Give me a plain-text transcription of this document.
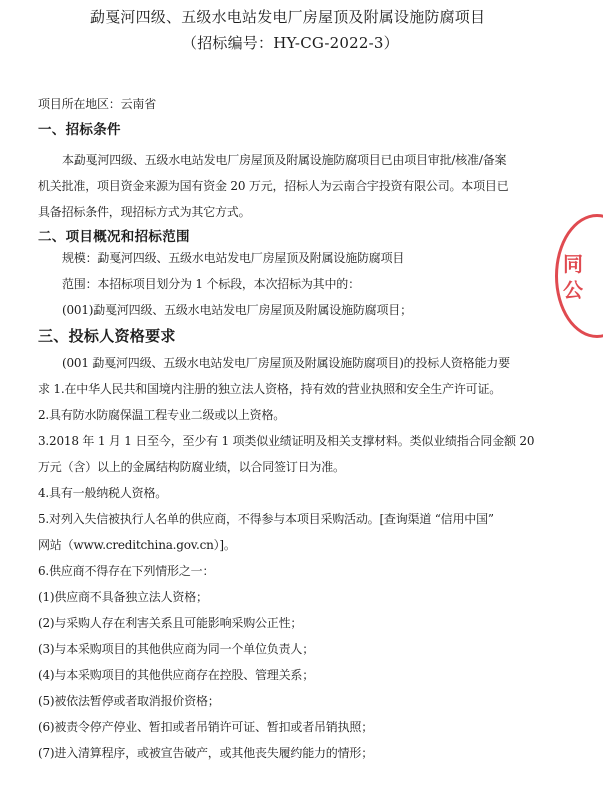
勐戛河四级、五级水电站发电厂房屋顶及附属设施防腐项目
（招标编号：HY-CG-2022-3）
项目所在地区：云南省
一、招标条件
本勐戛河四级、五级水电站发电厂房屋顶及附属设施防腐项目已由项目审批/核准/备案
机关批准，项目资金来源为国有资金 20 万元，招标人为云南合宇投资有限公司。本项目已
具备招标条件，现招标方式为其它方式。
二、项目概况和招标范围
规模：勐戛河四级、五级水电站发电厂房屋顶及附属设施防腐项目
范围：本招标项目划分为 1 个标段，本次招标为其中的：
(001)勐戛河四级、五级水电站发电厂房屋顶及附属设施防腐项目；
三、投标人资格要求
(001 勐戛河四级、五级水电站发电厂房屋顶及附属设施防腐项目)的投标人资格能力要
求 1.在中华人民共和国境内注册的独立法人资格，持有效的营业执照和安全生产许可证。
2.具有防水防腐保温工程专业二级或以上资格。
3.2018 年 1 月 1 日至今，至少有 1 项类似业绩证明及相关支撑材料。类似业绩指合同金额 20
万元（含）以上的金属结构防腐业绩，以合同签订日为准。
4.具有一般纳税人资格。
5.对列入失信被执行人名单的供应商，不得参与本项目采购活动。[查询渠道 “信用中国”
网站（www.creditchina.gov.cn）]。
6.供应商不得存在下列情形之一：
(1)供应商不具备独立法人资格；
(2)与采购人存在利害关系且可能影响采购公正性；
(3)与本采购项目的其他供应商为同一个单位负责人；
(4)与本采购项目的其他供应商存在控股、管理关系；
(5)被依法暂停或者取消报价资格；
(6)被责令停产停业、暂扣或者吊销许可证、暂扣或者吊销执照；
(7)进入清算程序，或被宣告破产，或其他丧失履约能力的情形；
同
公
